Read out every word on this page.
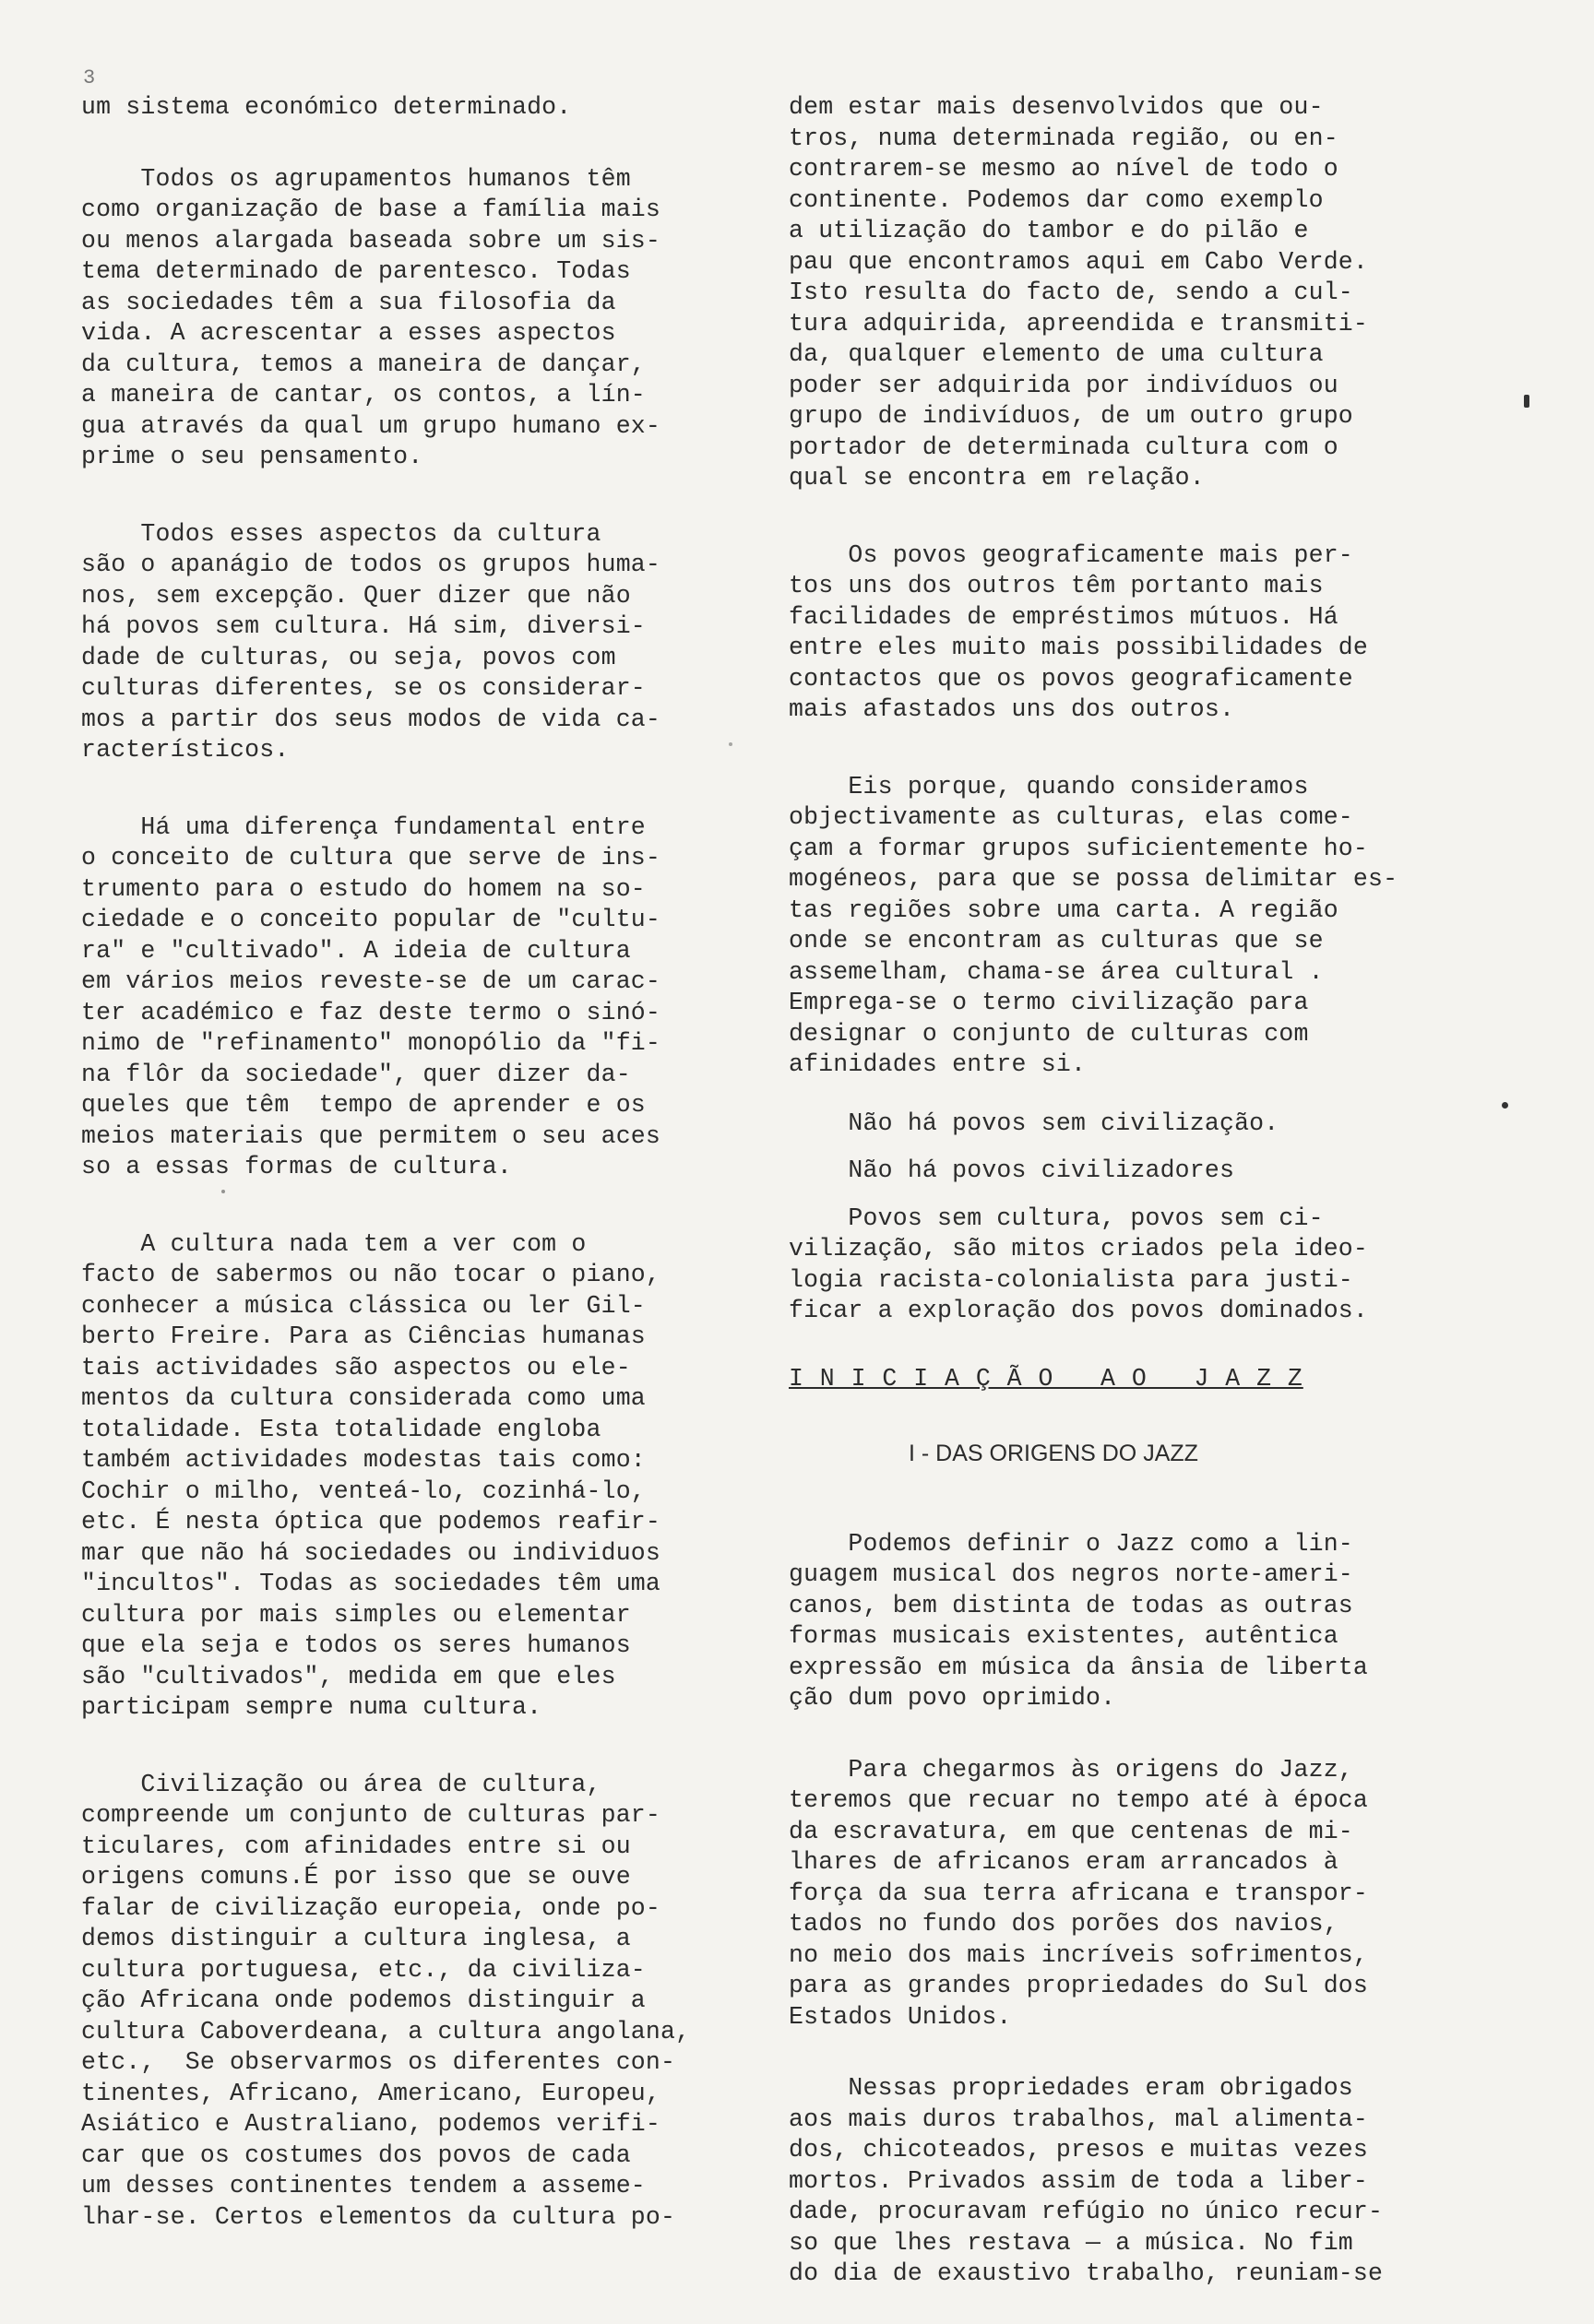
3

um sistema económico determinado.

Todos os agrupamentos humanos têm
como organização de base a família mais
ou menos alargada baseada sobre um sis-
tema determinado de parentesco. Todas
as sociedades têm a sua filosofia da
vida. A acrescentar a esses aspectos
da cultura, temos a maneira de dançar,
a maneira de cantar, os contos, a lín-
gua através da qual um grupo humano ex-
prime o seu pensamento.

Todos esses aspectos da cultura
são o apanágio de todos os grupos huma-
nos, sem excepção. Quer dizer que não
há povos sem cultura. Há sim, diversi-
dade de culturas, ou seja, povos com
culturas diferentes, se os considerar-
mos a partir dos seus modos de vida ca-
racterísticos.

Há uma diferença fundamental entre
o conceito de cultura que serve de ins-
trumento para o estudo do homem na so-
ciedade e o conceito popular de "cultu-
ra" e "cultivado". A ideia de cultura
em vários meios reveste-se de um carac-
ter académico e faz deste termo o sinó-
nimo de "refinamento" monopólio da "fi-
na flôr da sociedade", quer dizer da-
queles que têm  tempo de aprender e os
meios materiais que permitem o seu aces
so a essas formas de cultura.

A cultura nada tem a ver com o
facto de sabermos ou não tocar o piano,
conhecer a música clássica ou ler Gil-
berto Freire. Para as Ciências humanas
tais actividades são aspectos ou ele-
mentos da cultura considerada como uma
totalidade. Esta totalidade engloba
também actividades modestas tais como:
Cochir o milho, venteá-lo, cozinhá-lo,
etc. É nesta óptica que podemos reafir-
mar que não há sociedades ou individuos
"incultos". Todas as sociedades têm uma
cultura por mais simples ou elementar
que ela seja e todos os seres humanos
são "cultivados", medida em que eles
participam sempre numa cultura.

Civilização ou área de cultura,
compreende um conjunto de culturas par-
ticulares, com afinidades entre si ou
origens comuns.É por isso que se ouve
falar de civilização europeia, onde po-
demos distinguir a cultura inglesa, a
cultura portuguesa, etc., da civiliza-
ção Africana onde podemos distinguir a
cultura Caboverdeana, a cultura angolana,
etc.,  Se observarmos os diferentes con-
tinentes, Africano, Americano, Europeu,
Asiático e Australiano, podemos verifi-
car que os costumes dos povos de cada
um desses continentes tendem a asseme-
lhar-se. Certos elementos da cultura po-

dem estar mais desenvolvidos que ou-
tros, numa determinada região, ou en-
contrarem-se mesmo ao nível de todo o
continente. Podemos dar como exemplo
a utilização do tambor e do pilão e
pau que encontramos aqui em Cabo Verde.
Isto resulta do facto de, sendo a cul-
tura adquirida, apreendida e transmiti-
da, qualquer elemento de uma cultura
poder ser adquirida por indivíduos ou
grupo de indivíduos, de um outro grupo
portador de determinada cultura com o
qual se encontra em relação.

Os povos geograficamente mais per-
tos uns dos outros têm portanto mais
facilidades de empréstimos mútuos. Há
entre eles muito mais possibilidades de
contactos que os povos geograficamente
mais afastados uns dos outros.

Eis porque, quando consideramos
objectivamente as culturas, elas come-
çam a formar grupos suficientemente ho-
mogéneos, para que se possa delimitar es-
tas regiões sobre uma carta. A região
onde se encontram as culturas que se
assemelham, chama-se área cultural .
Emprega-se o termo civilização para
designar o conjunto de culturas com
afinidades entre si.

Não há povos sem civilização.

Não há povos civilizadores

Povos sem cultura, povos sem ci-
vilização, são mitos criados pela ideo-
logia racista-colonialista para justi-
ficar a exploração dos povos dominados.

I N I C I A Ç Ã O   A O   J A Z Z
I - DAS ORIGENS DO JAZZ

Podemos definir o Jazz como a lin-
guagem musical dos negros norte-ameri-
canos, bem distinta de todas as outras
formas musicais existentes, autêntica
expressão em música da ânsia de liberta
ção dum povo oprimido.

Para chegarmos às origens do Jazz,
teremos que recuar no tempo até à época
da escravatura, em que centenas de mi-
lhares de africanos eram arrancados à
força da sua terra africana e transpor-
tados no fundo dos porões dos navios,
no meio dos mais incríveis sofrimentos,
para as grandes propriedades do Sul dos
Estados Unidos.

Nessas propriedades eram obrigados
aos mais duros trabalhos, mal alimenta-
dos, chicoteados, presos e muitas vezes
mortos. Privados assim de toda a liber-
dade, procuravam refúgio no único recur-
so que lhes restava — a música. No fim
do dia de exaustivo trabalho, reuniam-se
